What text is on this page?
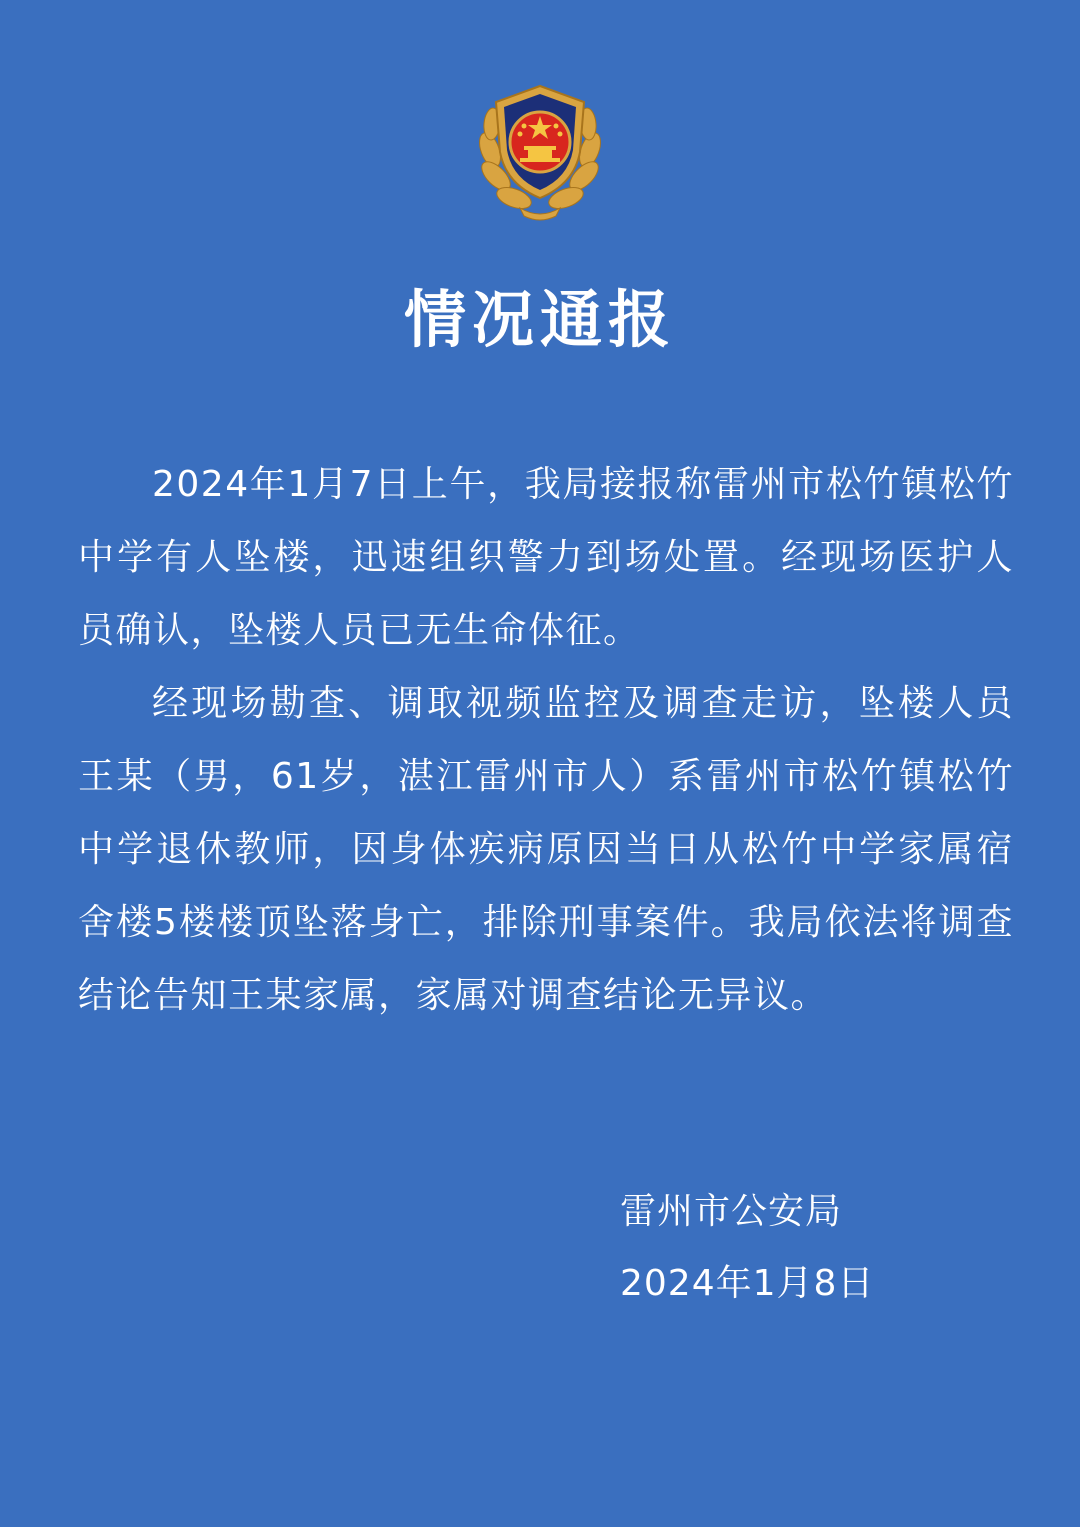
情况通报

2024年1月7日上午，我局接报称雷州市松竹镇松竹中学有人坠楼，迅速组织警力到场处置。经现场医护人员确认，坠楼人员已无生命体征。

经现场勘查、调取视频监控及调查走访，坠楼人员王某（男，61岁，湛江雷州市人）系雷州市松竹镇松竹中学退休教师，因身体疾病原因当日从松竹中学家属宿舍楼5楼楼顶坠落身亡，排除刑事案件。我局依法将调查结论告知王某家属，家属对调查结论无异议。

雷州市公安局
2024年1月8日
